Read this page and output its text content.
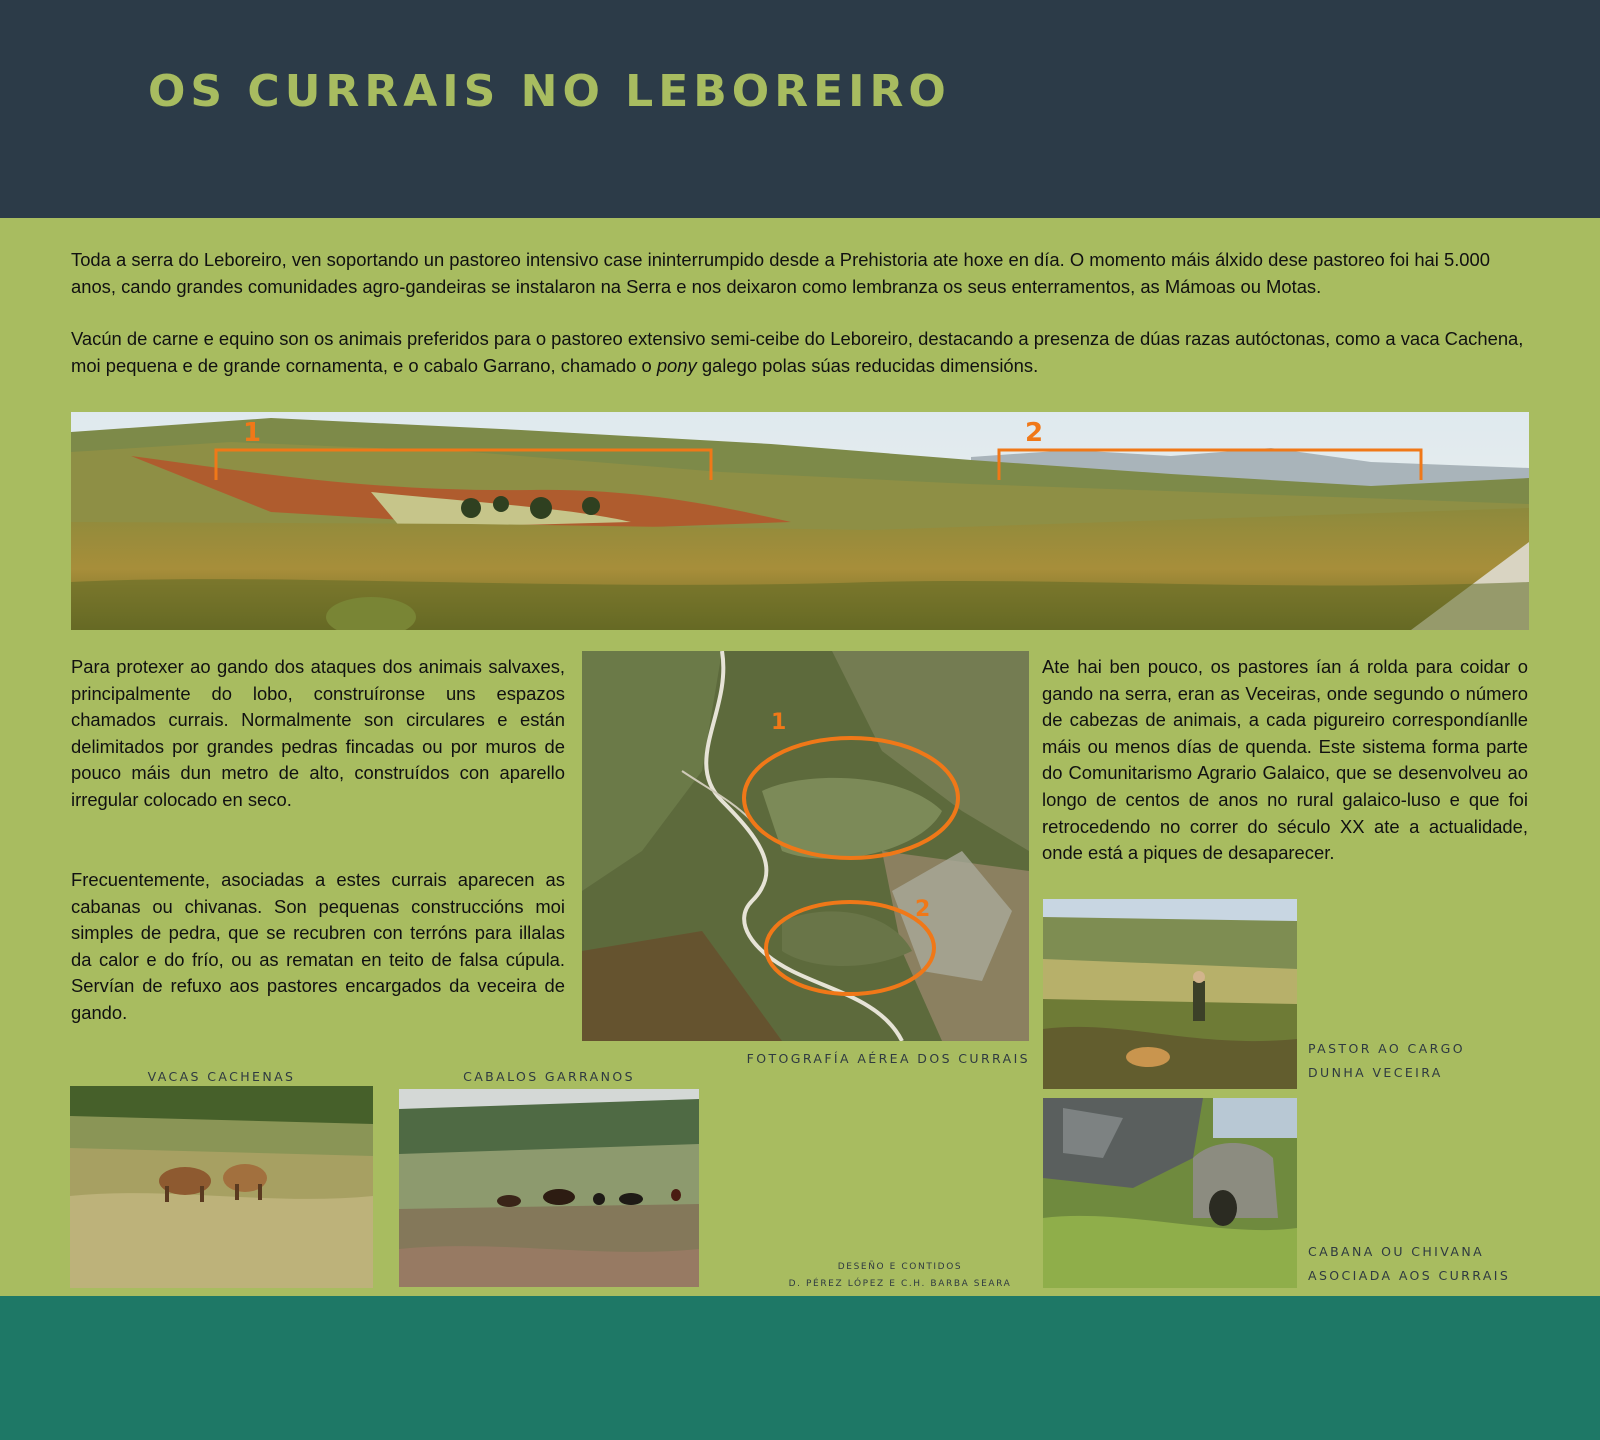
OS CURRAIS NO LEBOREIRO

Toda a serra do Leboreiro, ven soportando un pastoreo intensivo case ininterrumpido desde a Prehistoria ate hoxe en día. O momento máis álxido dese pastoreo foi hai 5.000 anos, cando grandes comunidades agro-gandeiras se instalaron na Serra e nos deixaron como lembranza os seus enterramentos, as Mámoas ou Motas.

Vacún de carne e equino son os animais preferidos para o pastoreo extensivo semi-ceibe do Leboreiro, destacando a presenza de dúas razas autóctonas, como a vaca Cachena, moi pequena e de grande cornamenta, e o cabalo Garrano, chamado o pony galego polas súas reducidas dimensións.

1	2

Para protexer ao gando dos ataques dos animais salvaxes, principalmente do lobo, construíronse uns espazos chamados currais. Normalmente son circulares e están delimitados por grandes pedras fincadas ou por muros de pouco máis dun metro de alto, construídos con aparello irregular colocado en seco.

Frecuentemente, asociadas a estes currais aparecen as cabanas ou chivanas. Son pequenas construccións moi simples de pedra, que se recubren con terróns para illalas da calor e do frío, ou as rematan en teito de falsa cúpula. Servían de refuxo aos pastores encargados da veceira de gando.

1
2
FOTOGRAFÍA AÉREA DOS CURRAIS

Ate hai ben pouco, os pastores ían á rolda para coidar o gando na serra, eran as Veceiras, onde segundo o número de cabezas de animais, a cada pigureiro correspondíanlle máis ou menos días de quenda. Este sistema forma parte do Comunitarismo Agrario Galaico, que se desenvolveu ao longo de centos de anos no rural galaico-luso e que foi retrocedendo no correr do século XX ate a actualidade, onde está a piques de desaparecer.

PASTOR AO CARGO
DUNHA VECEIRA
CABANA OU CHIVANA
ASOCIADA AOS CURRAIS
VACAS CACHENAS	CABALOS GARRANOS
DESEÑO E CONTIDOS
D. PÉREZ LÓPEZ E C.H. BARBA SEARA
